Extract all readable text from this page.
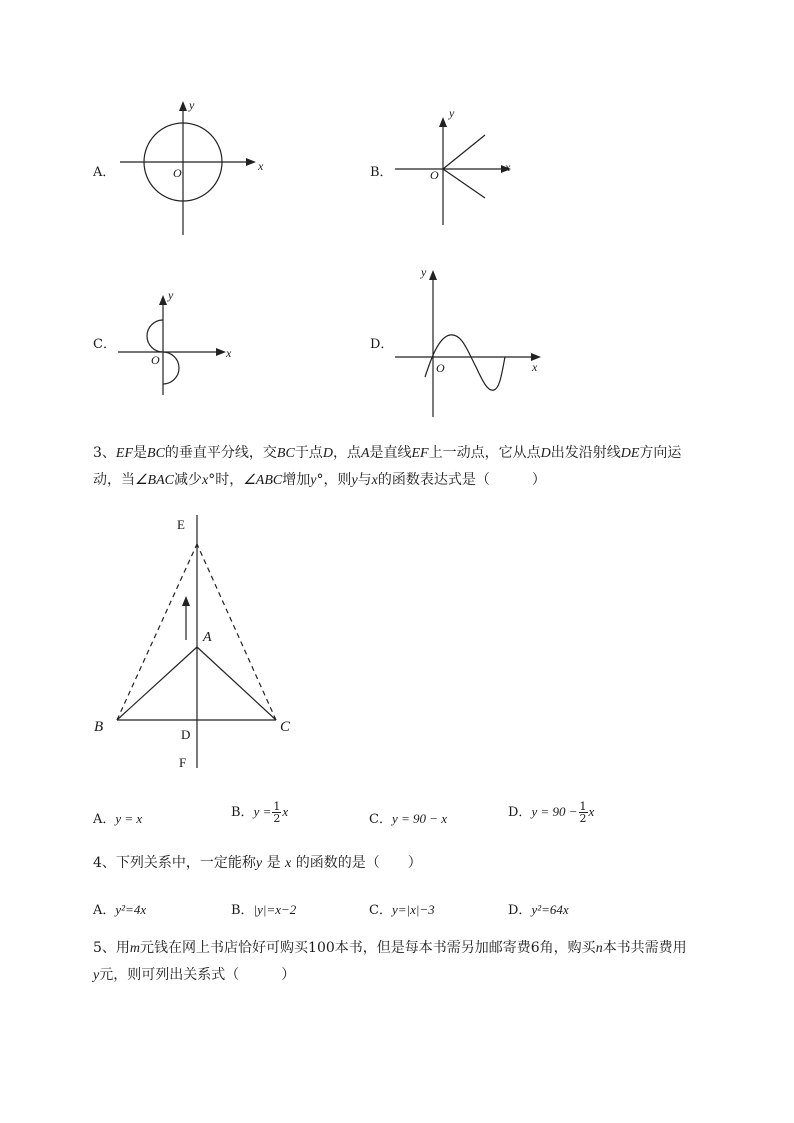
A．	x
y
O	B．	x
y
O
C．
x
y
O
D．
x
y
O
3、EF是BC的垂直平分线，交BC于点D，点A是直线EF上一动点，它从点D出发沿射线DE方向运
动，当∠BAC减少x°时，∠ABC增加y°，则y与x的函数表达式是（　　　）
E
A
B	C
D
F
A．y = x	B．$y = \frac{1}{2}$ x
C．y = 90 − x	D．$y = 90 - \frac{1}{2}$ x
4、下列关系中，一定能称y 是 x 的函数的是（　　）
A．y²=4x	B．|y|=x−2	C．y=|x|−3	D．y²=64x
5、用m元钱在网上书店恰好可购买100本书，但是每本书需另加邮寄费6角，购买n本书共需费用
y元，则可列出关系式（　　　）
